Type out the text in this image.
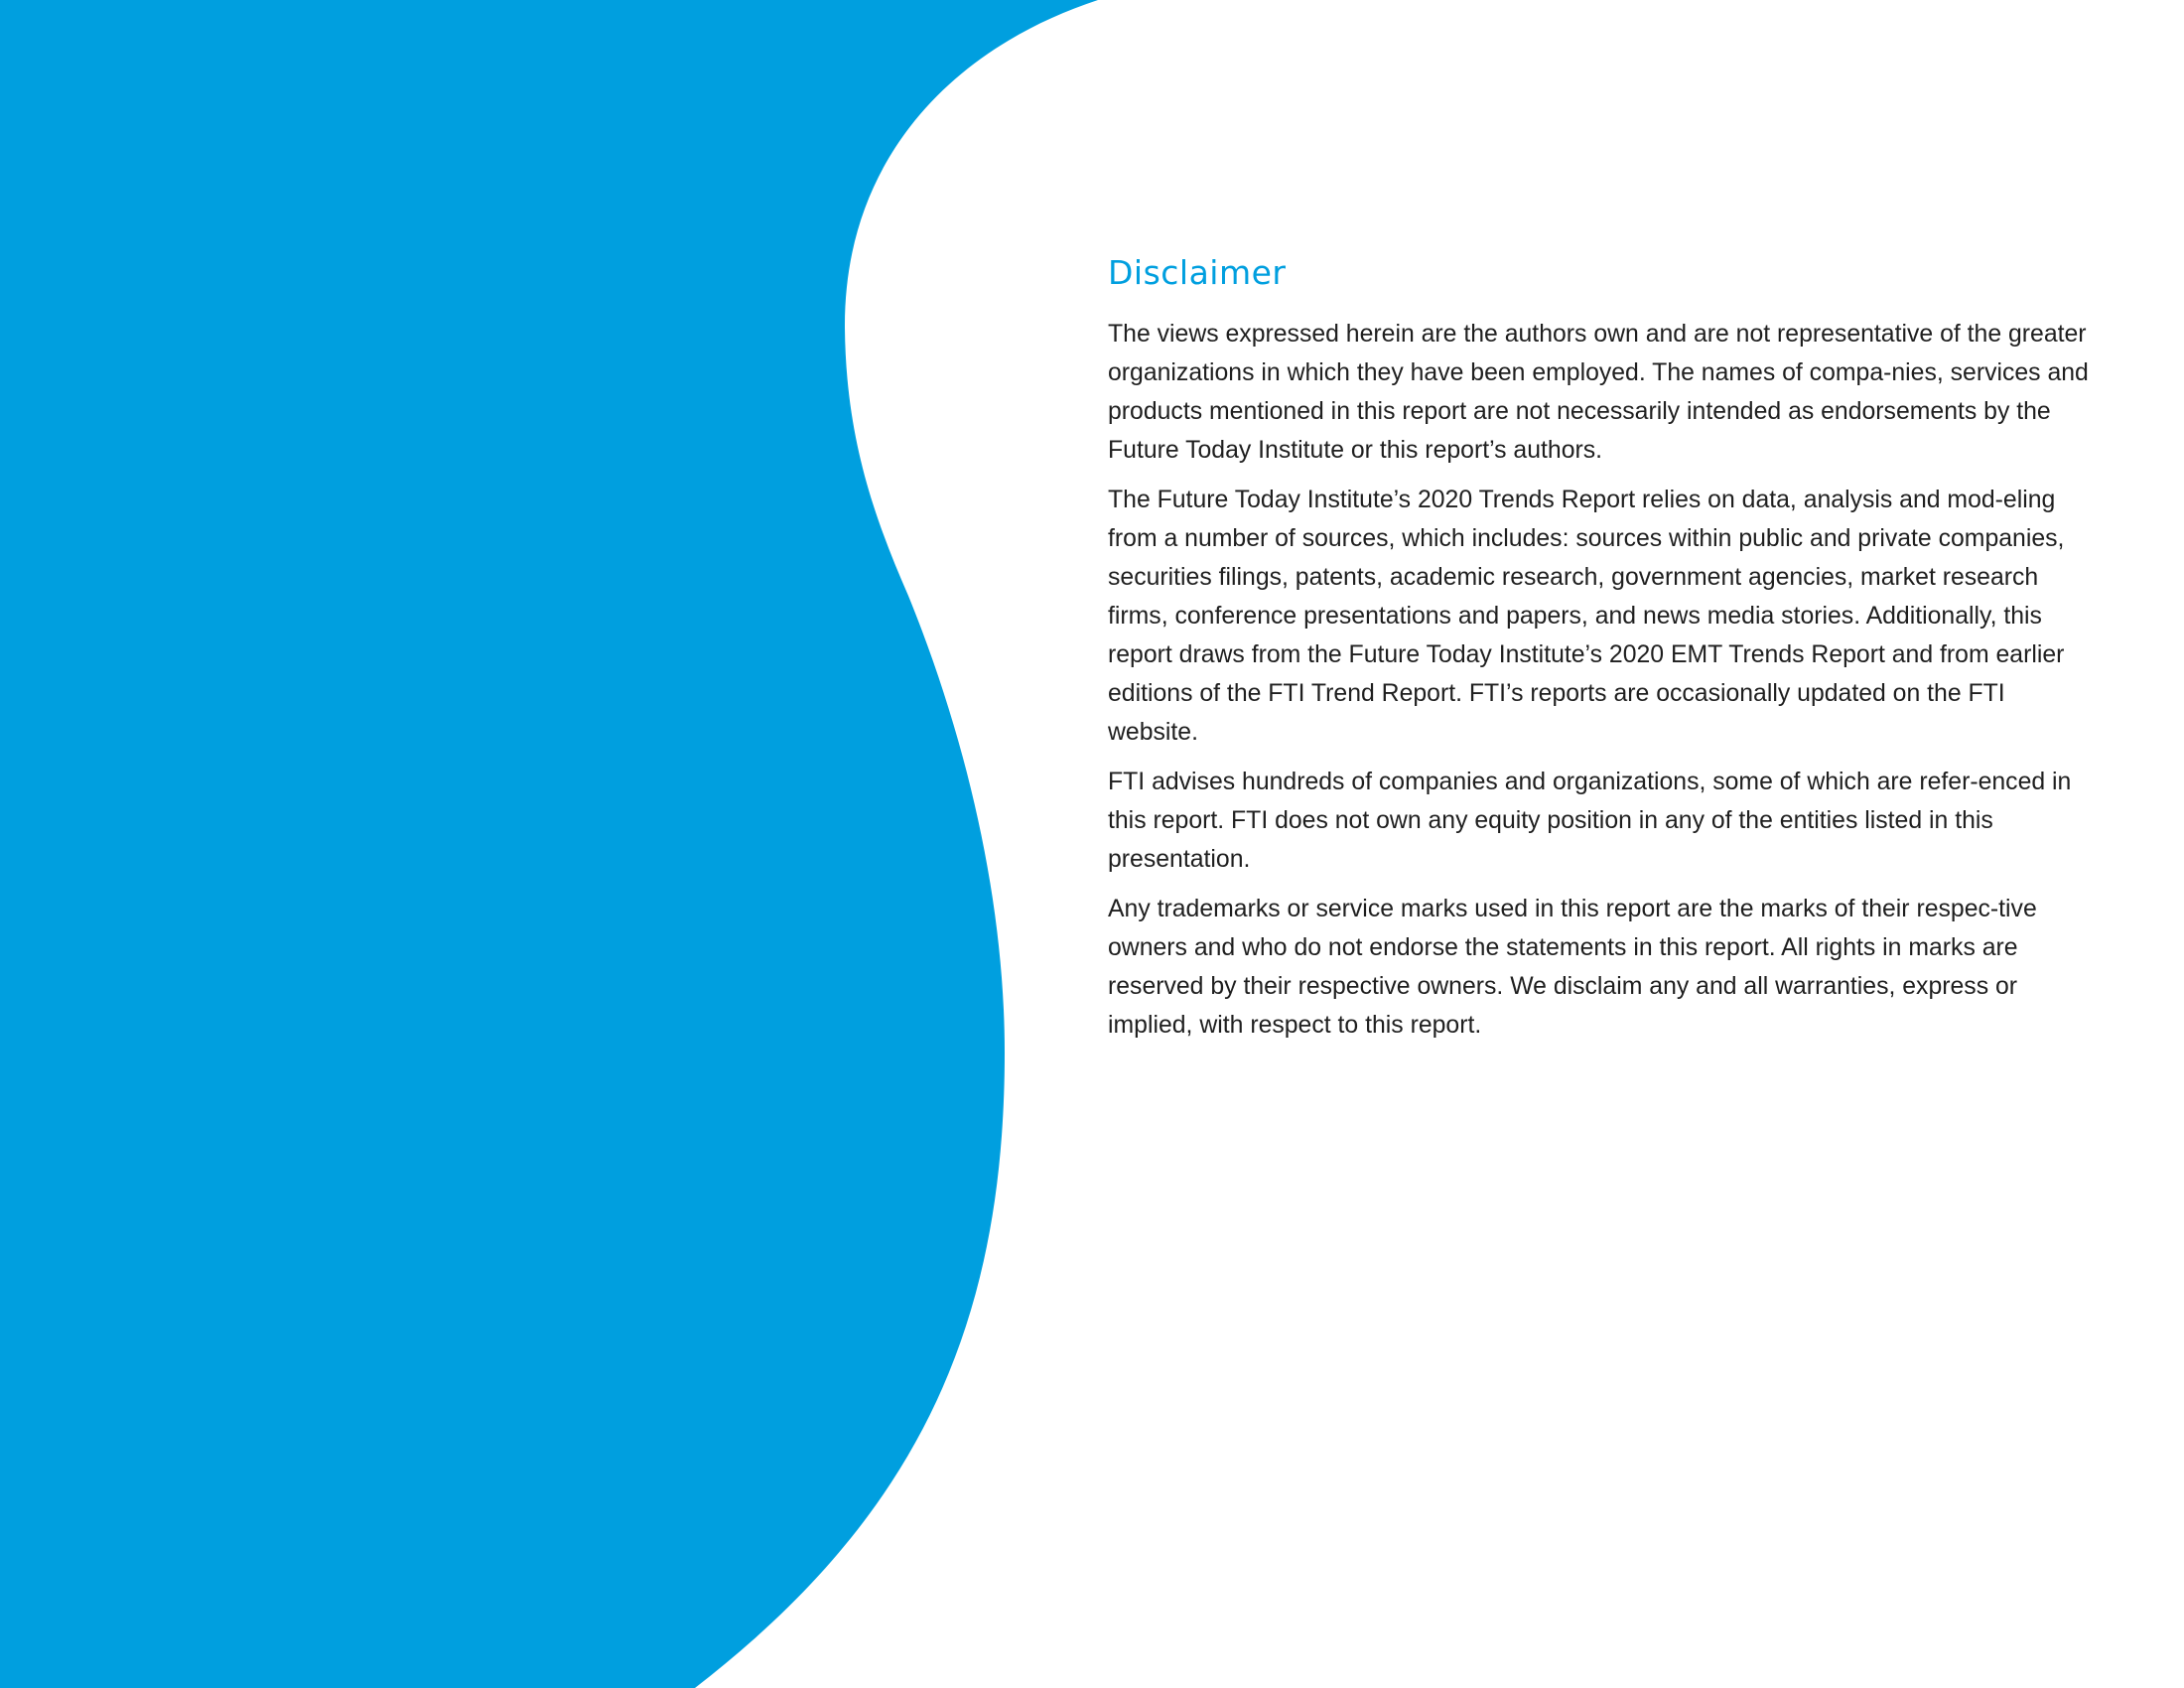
Disclaimer

The views expressed herein are the authors own and are not representative of the greater organizations in which they have been employed. The names of compa-nies, services and products mentioned in this report are not necessarily intended as endorsements by the Future Today Institute or this report’s authors.

The Future Today Institute’s 2020 Trends Report relies on data, analysis and mod-eling from a number of sources, which includes: sources within public and private companies, securities filings, patents, academic research, government agencies, market research firms, conference presentations and papers, and news media stories. Additionally, this report draws from the Future Today Institute’s 2020 EMT Trends Report and from earlier editions of the FTI Trend Report. FTI’s reports are occasionally updated on the FTI website.

FTI advises hundreds of companies and organizations, some of which are refer-enced in this report. FTI does not own any equity position in any of the entities listed in this presentation.

Any trademarks or service marks used in this report are the marks of their respec-tive owners and who do not endorse the statements in this report. All rights in marks are reserved by their respective owners. We disclaim any and all warranties, express or implied, with respect to this report.
